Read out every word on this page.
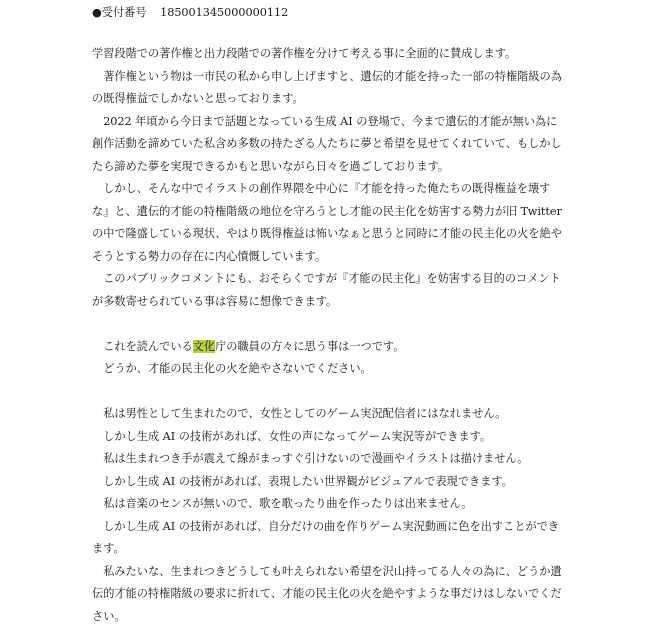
●受付番号 185001345000000112

学習段階での著作権と出力段階での著作権を分けて考える事に全面的に賛成します。

著作権という物は一市民の私から申し上げますと、遺伝的才能を持った一部の特権階級の為の既得権益でしかないと思っております。

2022 年頃から今日まで話題となっている生成 AI の登場で、今まで遺伝的才能が無い為に創作活動を諦めていた私含め多数の持たざる人たちに夢と希望を見せてくれていて、もしかしたら諦めた夢を実現できるかもと思いながら日々を過ごしております。

しかし、そんな中でイラストの創作界隈を中心に『才能を持った俺たちの既得権益を壊すな』と、遺伝的才能の特権階級の地位を守ろうとし才能の民主化を妨害する勢力が旧 Twitter の中で隆盛している現状、やはり既得権益は怖いなぁと思うと同時に才能の民主化の火を絶やそうとする勢力の存在に内心憤慨しています。

このパブリックコメントにも、おそらくですが『才能の民主化』を妨害する目的のコメントが多数寄せられている事は容易に想像できます。

これを読んでいる文化庁の職員の方々に思う事は一つです。

どうか、才能の民主化の火を絶やさないでください。

私は男性として生まれたので、女性としてのゲーム実況配信者にはなれません。

しかし生成 AI の技術があれば、女性の声になってゲーム実況等ができます。

私は生まれつき手が震えて線がまっすぐ引けないので漫画やイラストは描けません。

しかし生成 AI の技術があれば、表現したい世界観がビジュアルで表現できます。

私は音楽のセンスが無いので、歌を歌ったり曲を作ったりは出来ません。

しかし生成 AI の技術があれば、自分だけの曲を作りゲーム実況動画に色を出すことができます。

私みたいな、生まれつきどうしても叶えられない希望を沢山持ってる人々の為に、どうか遺伝的才能の特権階級の要求に折れて、才能の民主化の火を絶やすような事だけはしないでください。
